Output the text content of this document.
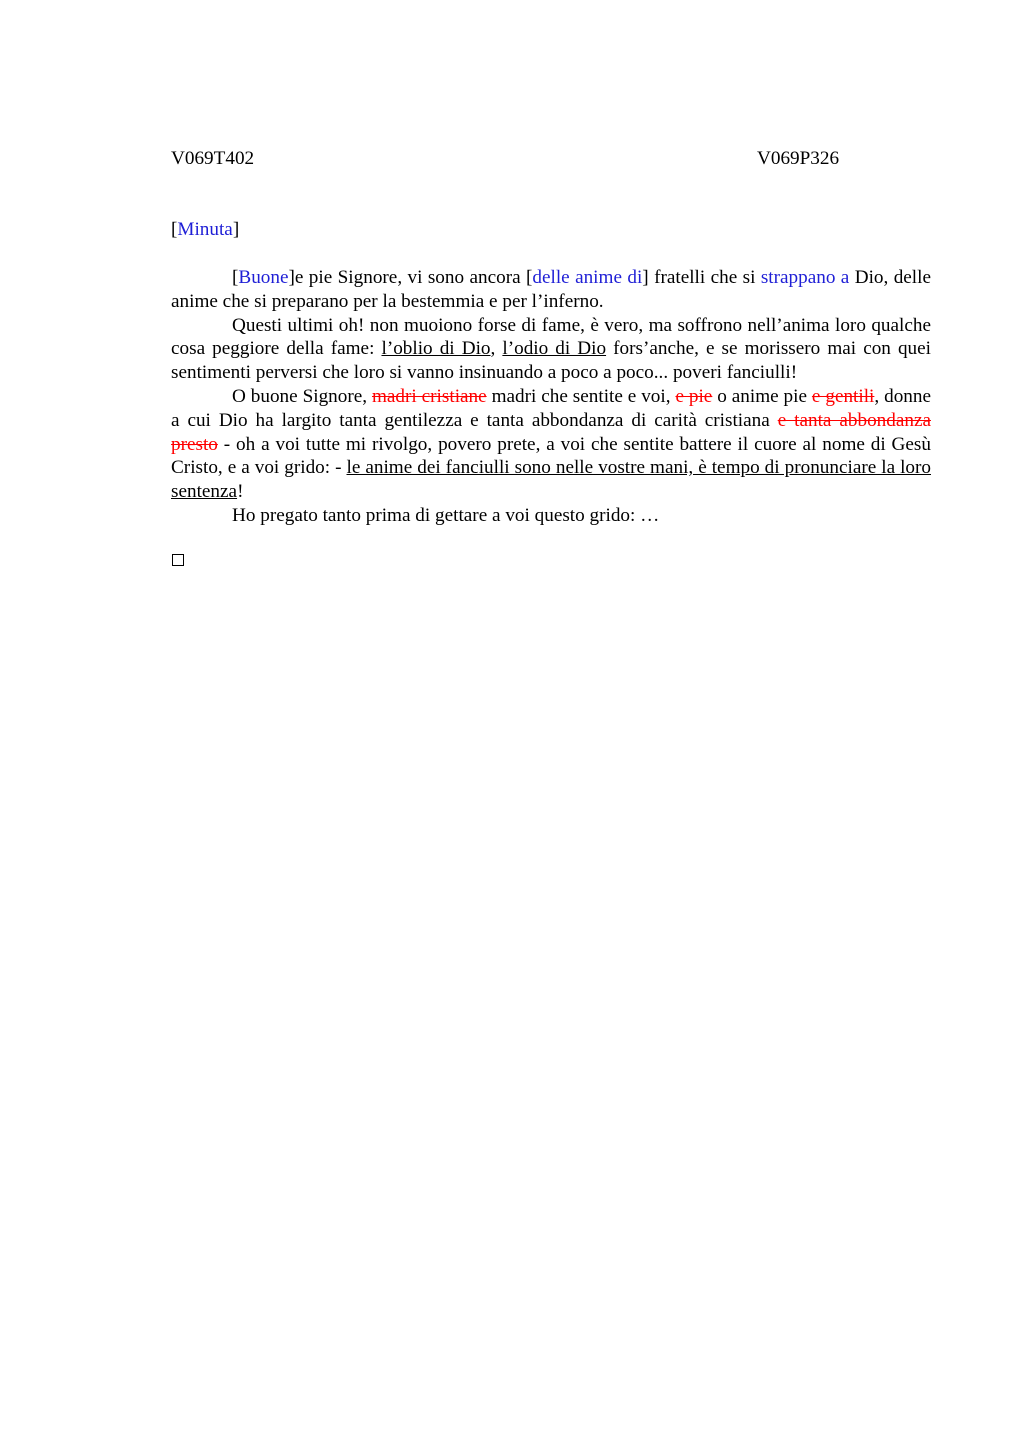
V069T402	V069P326
[Minuta]

[Buone]e pie Signore, vi sono ancora [delle anime di] fratelli che si strappano a Dio, delle anime che si preparano per la bestemmia e per l’inferno.

Questi ultimi oh! non muoiono forse di fame, è vero, ma soffrono nell’anima loro qualche cosa peggiore della fame: l’oblio di Dio, l’odio di Dio fors’anche, e se morissero mai con quei sentimenti perversi che loro si vanno insinuando a poco a poco... poveri fanciulli!

O buone Signore, madri cristiane madri che sentite e voi, e pie o anime pie e gentili, donne a cui Dio ha largito tanta gentilezza e tanta abbondanza di carità cristiana e tanta abbondanza presto - oh a voi tutte mi rivolgo, povero prete, a voi che sentite battere il cuore al nome di Gesù Cristo, e a voi grido: - le anime dei fanciulli sono nelle vostre mani, è tempo di pronunciare la loro sentenza!

Ho pregato tanto prima di gettare a voi questo grido: …
